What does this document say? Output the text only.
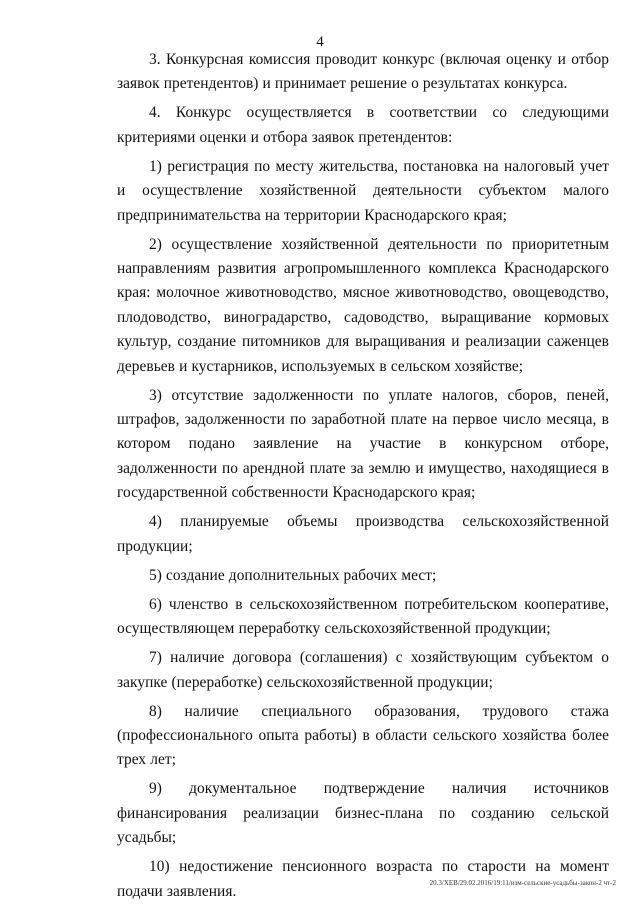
4

3. Конкурсная комиссия проводит конкурс (включая оценку и отбор заявок претендентов) и принимает решение о результатах конкурса.

4. Конкурс осуществляется в соответствии со следующими критериями оценки и отбора заявок претендентов:

1) регистрация по месту жительства, постановка на налоговый учет и осуществление хозяйственной деятельности субъектом малого предпринимательства на территории Краснодарского края;

2) осуществление хозяйственной деятельности по приоритетным направлениям развития агропромышленного комплекса Краснодарского края: молочное животноводство, мясное животноводство, овощеводство, плодоводство, виноградарство, садоводство, выращивание кормовых культур, создание питомников для выращивания и реализации саженцев деревьев и кустарников, используемых в сельском хозяйстве;

3) отсутствие задолженности по уплате налогов, сборов, пеней, штрафов, задолженности по заработной плате на первое число месяца, в котором подано заявление на участие в конкурсном отборе, задолженности по арендной плате за землю и имущество, находящиеся в государственной собственности Краснодарского края;

4) планируемые объемы производства сельскохозяйственной продукции;

5) создание дополнительных рабочих мест;

6) членство в сельскохозяйственном потребительском кооперативе, осуществляющем переработку сельскохозяйственной продукции;

7) наличие договора (соглашения) с хозяйствующим субъектом о закупке (переработке) сельскохозяйственной продукции;

8) наличие специального образования, трудового стажа (профессионального опыта работы) в области сельского хозяйства более трех лет;

9) документальное подтверждение наличия источников финансирования реализации бизнес-плана по созданию сельской усадьбы;

10) недостижение пенсионного возраста по старости на момент подачи заявления.	20.3/ХЕВ/29.02.2016/19:11/изм-сельские-усадьбы-закон-2 чт-2
